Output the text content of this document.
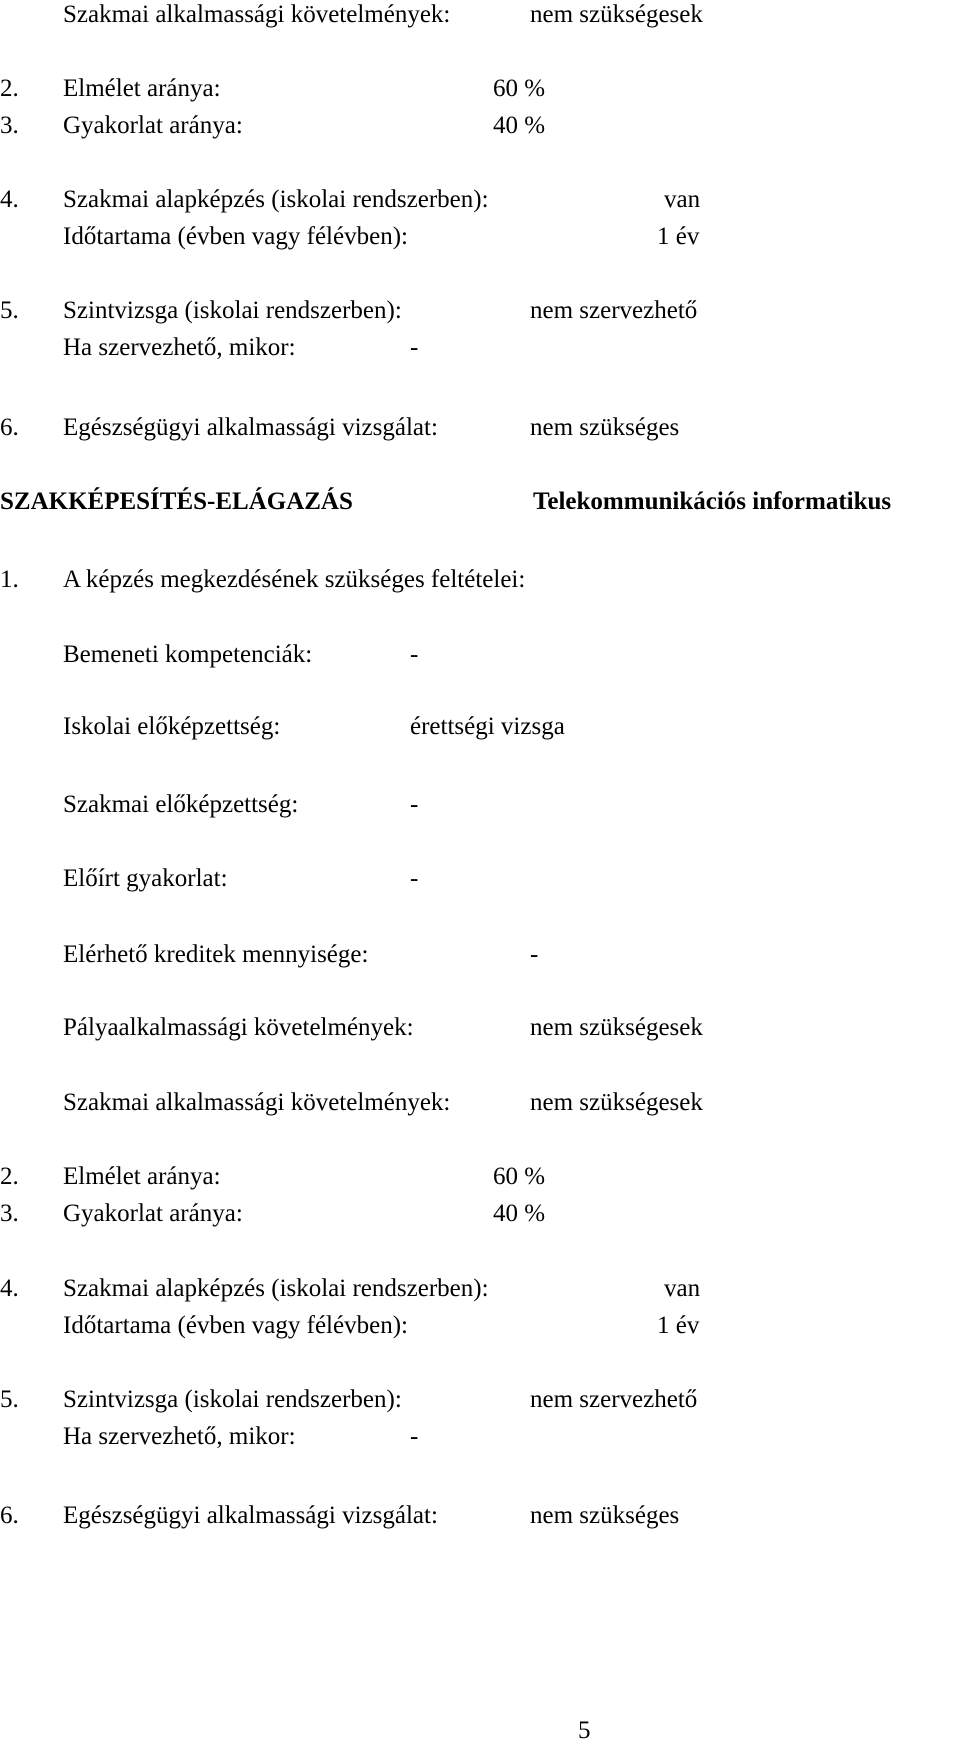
Szakmai alkalmassági követelmények:	nem szükségesek
2. Elmélet aránya:	60 %
3. Gyakorlat aránya:	40 %
4. Szakmai alapképzés (iskolai rendszerben):	van
Időtartama (évben vagy félévben):	1 év
5. Szintvizsga (iskolai rendszerben):	nem szervezhető
Ha szervezhető, mikor:	-
6. Egészségügyi alkalmassági vizsgálat:	nem szükséges
SZAKKÉPESÍTÉS-ELÁGAZÁS	Telekommunikációs informatikus
1. A képzés megkezdésének szükséges feltételei:
Bemeneti kompetenciák:	-
Iskolai előképzettség:	érettségi vizsga
Szakmai előképzettség:	-
Előírt gyakorlat:	-
Elérhető kreditek mennyisége:	-
Pályaalkalmassági követelmények:	nem szükségesek
Szakmai alkalmassági követelmények:	nem szükségesek
2. Elmélet aránya:	60 %
3. Gyakorlat aránya:	40 %
4. Szakmai alapképzés (iskolai rendszerben):	van
Időtartama (évben vagy félévben):	1 év
5. Szintvizsga (iskolai rendszerben):	nem szervezhető
Ha szervezhető, mikor:	-
6. Egészségügyi alkalmassági vizsgálat:	nem szükséges
5
